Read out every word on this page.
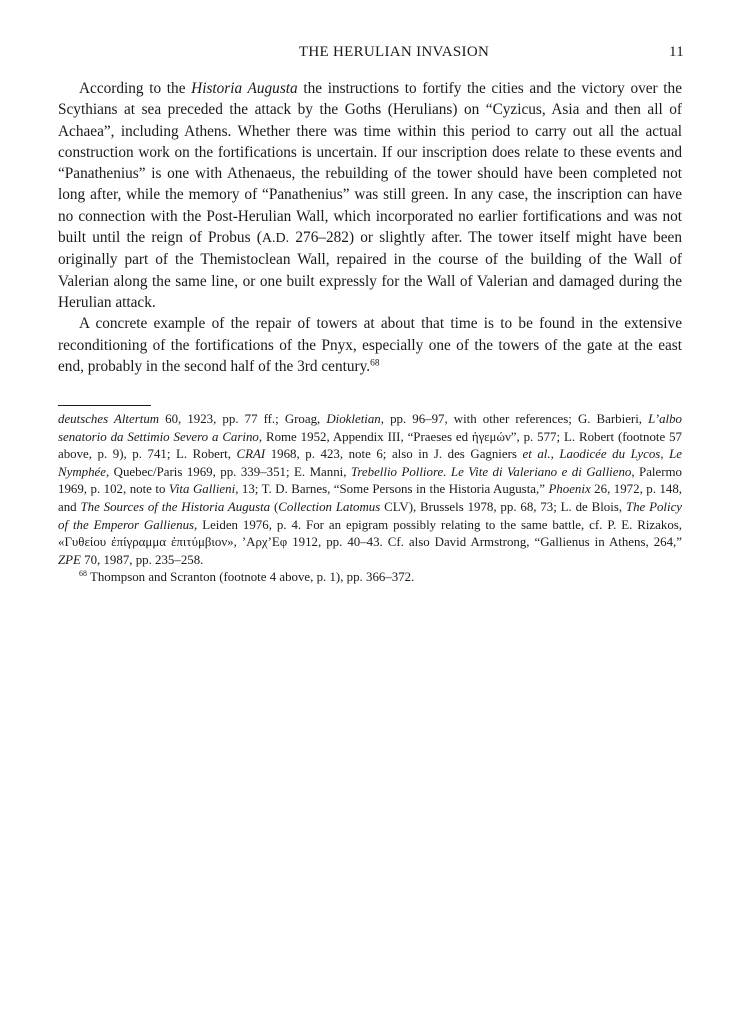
THE HERULIAN INVASION	11

According to the Historia Augusta the instructions to fortify the cities and the victory over the Scythians at sea preceded the attack by the Goths (Herulians) on “Cyzicus, Asia and then all of Achaea”, including Athens. Whether there was time within this period to carry out all the actual construction work on the fortifications is uncertain. If our inscription does relate to these events and “Panathenius” is one with Athenaeus, the rebuilding of the tower should have been completed not long after, while the memory of “Panathenius” was still green. In any case, the inscription can have no connection with the Post-Herulian Wall, which incorporated no earlier fortifications and was not built until the reign of Probus (A.D. 276–282) or slightly after. The tower itself might have been originally part of the Themistoclean Wall, repaired in the course of the building of the Wall of Valerian along the same line, or one built expressly for the Wall of Valerian and damaged during the Herulian attack.

A concrete example of the repair of towers at about that time is to be found in the extensive reconditioning of the fortifications of the Pnyx, especially one of the towers of the gate at the east end, probably in the second half of the 3rd century.$^{68}$

deutsches Altertum 60, 1923, pp. 77 ff.; Groag, Diokletian, pp. 96–97, with other references; G. Barbieri, L’albo senatorio da Settimio Severo a Carino, Rome 1952, Appendix III, “Praeses ed ἡγεμών”, p. 577; L. Robert (footnote 57 above, p. 9), p. 741; L. Robert, CRAI 1968, p. 423, note 6; also in J. des Gagniers et al., Laodicée du Lycos, Le Nymphée, Quebec/Paris 1969, pp. 339–351; E. Manni, Trebellio Polliore. Le Vite di Valeriano e di Gallieno, Palermo 1969, p. 102, note to Vita Gallieni, 13; T. D. Barnes, “Some Persons in the Historia Augusta,” Phoenix 26, 1972, p. 148, and The Sources of the Historia Augusta (Collection Latomus CLV), Brussels 1978, pp. 68, 73; L. de Blois, The Policy of the Emperor Gallienus, Leiden 1976, p. 4. For an epigram possibly relating to the same battle, cf. P. E. Rizakos, «Γυθείου ἐπίγραμμα ἐπιτύμβιον», ’Αρχ’Εφ 1912, pp. 40–43. Cf. also David Armstrong, “Gallienus in Athens, 264,” ZPE 70, 1987, pp. 235–258.

$^{68}$ Thompson and Scranton (footnote 4 above, p. 1), pp. 366–372.
